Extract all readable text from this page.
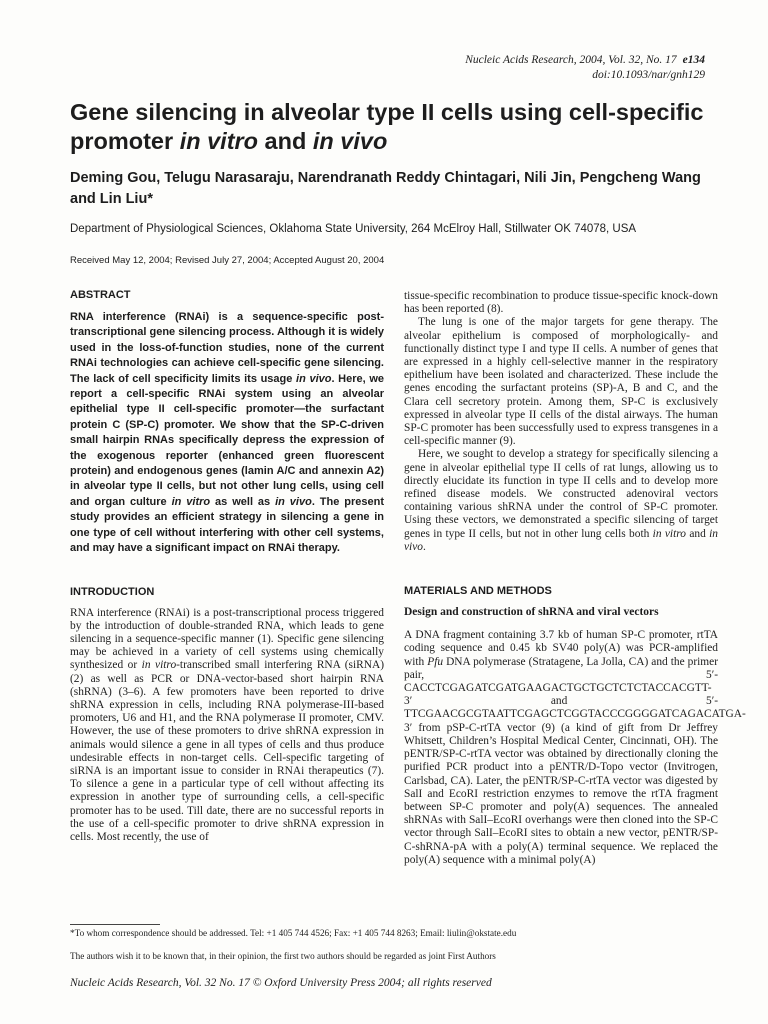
Nucleic Acids Research, 2004, Vol. 32, No. 17 e134
doi:10.1093/nar/gnh129
Gene silencing in alveolar type II cells using cell-specific promoter in vitro and in vivo
Deming Gou, Telugu Narasaraju, Narendranath Reddy Chintagari, Nili Jin, Pengcheng Wang and Lin Liu*
Department of Physiological Sciences, Oklahoma State University, 264 McElroy Hall, Stillwater OK 74078, USA
Received May 12, 2004; Revised July 27, 2004; Accepted August 20, 2004
ABSTRACT

RNA interference (RNAi) is a sequence-specific post-transcriptional gene silencing process. Although it is widely used in the loss-of-function studies, none of the current RNAi technologies can achieve cell-specific gene silencing. The lack of cell specificity limits its usage in vivo. Here, we report a cell-specific RNAi system using an alveolar epithelial type II cell-specific promoter—the surfactant protein C (SP-C) promoter. We show that the SP-C-driven small hairpin RNAs specifically depress the expression of the exogenous reporter (enhanced green fluorescent protein) and endogenous genes (lamin A/C and annexin A2) in alveolar type II cells, but not other lung cells, using cell and organ culture in vitro as well as in vivo. The present study provides an efficient strategy in silencing a gene in one type of cell without interfering with other cell systems, and may have a significant impact on RNAi therapy.

INTRODUCTION

RNA interference (RNAi) is a post-transcriptional process triggered by the introduction of double-stranded RNA, which leads to gene silencing in a sequence-specific manner (1). Specific gene silencing may be achieved in a variety of cell systems using chemically synthesized or in vitro-transcribed small interfering RNA (siRNA) (2) as well as PCR or DNA-vector-based short hairpin RNA (shRNA) (3–6). A few promoters have been reported to drive shRNA expression in cells, including RNA polymerase-III-based promoters, U6 and H1, and the RNA polymerase II promoter, CMV. However, the use of these promoters to drive shRNA expression in animals would silence a gene in all types of cells and thus produce undesirable effects in non-target cells. Cell-specific targeting of siRNA is an important issue to consider in RNAi therapeutics (7). To silence a gene in a particular type of cell without affecting its expression in another type of surrounding cells, a cell-specific promoter has to be used. Till date, there are no successful reports in the use of a cell-specific promoter to drive shRNA expression in cells. Most recently, the use of

tissue-specific recombination to produce tissue-specific knock-down has been reported (8).

The lung is one of the major targets for gene therapy. The alveolar epithelium is composed of morphologically- and functionally distinct type I and type II cells. A number of genes that are expressed in a highly cell-selective manner in the respiratory epithelium have been isolated and characterized. These include the genes encoding the surfactant proteins (SP)-A, B and C, and the Clara cell secretory protein. Among them, SP-C is exclusively expressed in alveolar type II cells of the distal airways. The human SP-C promoter has been successfully used to express transgenes in a cell-specific manner (9).

Here, we sought to develop a strategy for specifically silencing a gene in alveolar epithelial type II cells of rat lungs, allowing us to directly elucidate its function in type II cells and to develop more refined disease models. We constructed adenoviral vectors containing various shRNA under the control of SP-C promoter. Using these vectors, we demonstrated a specific silencing of target genes in type II cells, but not in other lung cells both in vitro and in vivo.

MATERIALS AND METHODS
Design and construction of shRNA and viral vectors

A DNA fragment containing 3.7 kb of human SP-C promoter, rtTA coding sequence and 0.45 kb SV40 poly(A) was PCR-amplified with Pfu DNA polymerase (Stratagene, La Jolla, CA) and the primer pair, 5′-CACCTCGAGATCGATGAAGACTGCTGCTCTCTACCACGTT-3′ and 5′-TTCGAACGCGTAATTCGAGCTCGGTACCCGGGGATCAGACATGA-3′ from pSP-C-rtTA vector (9) (a kind of gift from Dr Jeffrey Whitsett, Children’s Hospital Medical Center, Cincinnati, OH). The pENTR/SP-C-rtTA vector was obtained by directionally cloning the purified PCR product into a pENTR/D-Topo vector (Invitrogen, Carlsbad, CA). Later, the pENTR/SP-C-rtTA vector was digested by SalI and EcoRI restriction enzymes to remove the rtTA fragment between SP-C promoter and poly(A) sequences. The annealed shRNAs with SalI–EcoRI overhangs were then cloned into the SP-C vector through SalI–EcoRI sites to obtain a new vector, pENTR/SP-C-shRNA-pA with a poly(A) terminal sequence. We replaced the poly(A) sequence with a minimal poly(A)

*To whom correspondence should be addressed. Tel: +1 405 744 4526; Fax: +1 405 744 8263; Email: liulin@okstate.edu
The authors wish it to be known that, in their opinion, the first two authors should be regarded as joint First Authors
Nucleic Acids Research, Vol. 32 No. 17 © Oxford University Press 2004; all rights reserved
